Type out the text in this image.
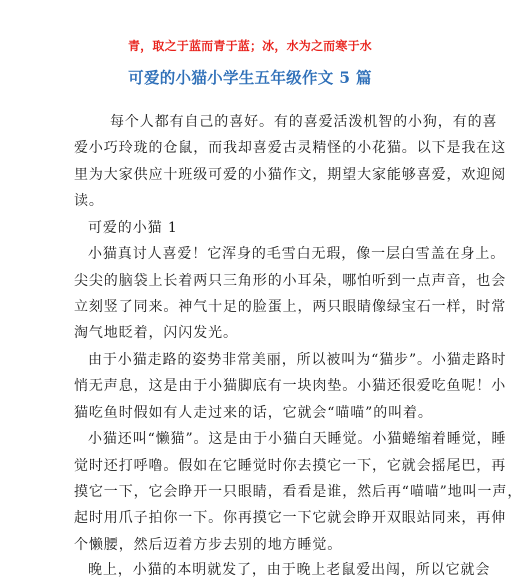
青，取之于蓝而青于蓝；冰，水为之而寒于水
可爱的小猫小学生五年级作文 5 篇
每个人都有自己的喜好。有的喜爱活泼机智的小狗，有的喜
爱小巧玲珑的仓鼠，而我却喜爱古灵精怪的小花猫。以下是我在这
里为大家供应十班级可爱的小猫作文，期望大家能够喜爱，欢迎阅
读。
可爱的小猫 1
小猫真讨人喜爱！它浑身的毛雪白无瑕，像一层白雪盖在身上。
尖尖的脑袋上长着两只三角形的小耳朵，哪怕听到一点声音，也会
立刻竖了同来。神气十足的脸蛋上，两只眼睛像绿宝石一样，时常
淘气地眨着，闪闪发光。
由于小猫走路的姿势非常美丽，所以被叫为“猫步”。小猫走路时
悄无声息，这是由于小猫脚底有一块肉垫。小猫还很爱吃鱼呢！小
猫吃鱼时假如有人走过来的话，它就会“喵喵”的叫着。
小猫还叫“懒猫”。这是由于小猫白天睡觉。小猫蜷缩着睡觉，睡
觉时还打呼噜。假如在它睡觉时你去摸它一下，它就会摇尾巴，再
摸它一下，它会睁开一只眼睛，看看是谁，然后再“喵喵”地叫一声，
起时用爪子拍你一下。你再摸它一下它就会睁开双眼站同来，再伸
个懒腰，然后迈着方步去别的地方睡觉。
晚上，小猫的本明就发了，由于晚上老鼠爱出闯，所以它就会
